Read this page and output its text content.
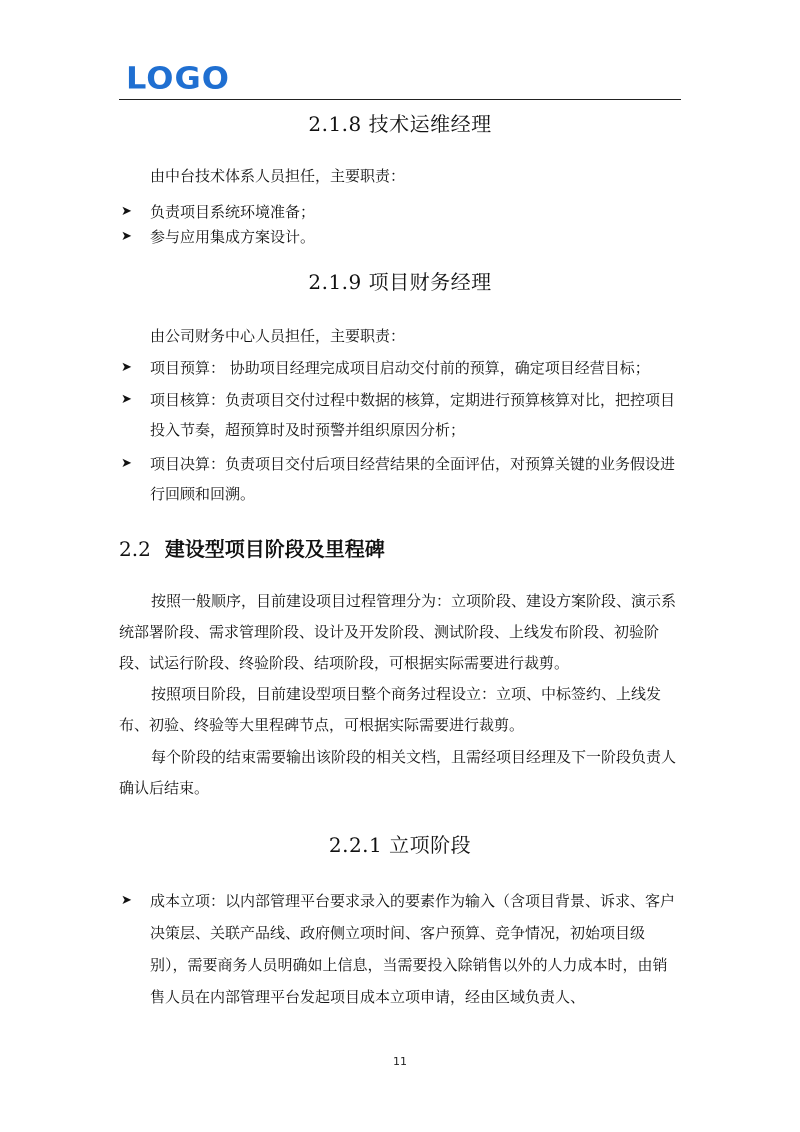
LOGO
2.1.8 技术运维经理
由中台技术体系人员担任，主要职责：
➤ 负责项目系统环境准备；
➤ 参与应用集成方案设计。
2.1.9 项目财务经理
由公司财务中心人员担任，主要职责：
➤ 项目预算： 协助项目经理完成项目启动交付前的预算，确定项目经营目标；
➤ 项目核算：负责项目交付过程中数据的核算，定期进行预算核算对比，把控项目投入节奏，超预算时及时预警并组织原因分析；
➤ 项目决算：负责项目交付后项目经营结果的全面评估，对预算关键的业务假设进行回顾和回溯。
2.2 建设型项目阶段及里程碑
按照一般顺序，目前建设项目过程管理分为：立项阶段、建设方案阶段、演示系统部署阶段、需求管理阶段、设计及开发阶段、测试阶段、上线发布阶段、初验阶段、试运行阶段、终验阶段、结项阶段，可根据实际需要进行裁剪。
按照项目阶段，目前建设型项目整个商务过程设立：立项、中标签约、上线发布、初验、终验等大里程碑节点，可根据实际需要进行裁剪。
每个阶段的结束需要输出该阶段的相关文档，且需经项目经理及下一阶段负责人确认后结束。
2.2.1 立项阶段
➤ 成本立项：以内部管理平台要求录入的要素作为输入（含项目背景、诉求、客户决策层、关联产品线、政府侧立项时间、客户预算、竞争情况，初始项目级别），需要商务人员明确如上信息，当需要投入除销售以外的人力成本时，由销售人员在内部管理平台发起项目成本立项申请，经由区域负责人、
11
